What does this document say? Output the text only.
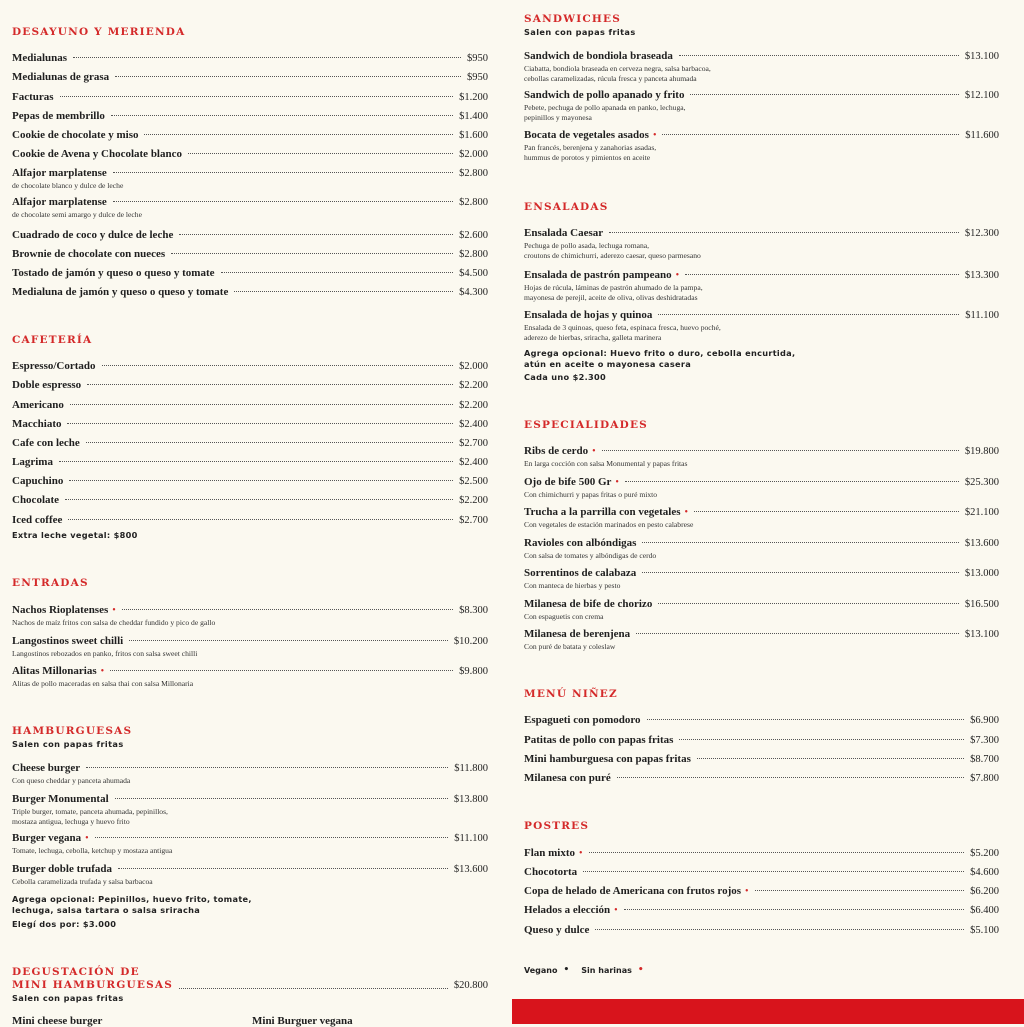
DESAYUNO Y MERIENDA
Medialunas	$950
Medialunas de grasa	$950
Facturas	$1.200
Pepas de membrillo	$1.400
Cookie de chocolate y miso	$1.600
Cookie de Avena y Chocolate blanco	$2.000
Alfajor marplatense	$2.800
de chocolate blanco y dulce de leche
Alfajor marplatense	$2.800
de chocolate semi amargo y dulce de leche
Cuadrado de coco y dulce de leche	$2.600
Brownie de chocolate con nueces	$2.800
Tostado de jamón y queso o queso y tomate	$4.500
Medialuna de jamón y queso o queso y tomate	$4.300
CAFETERÍA
Espresso/Cortado	$2.000
Doble espresso	$2.200
Americano	$2.200
Macchiato	$2.400
Cafe con leche	$2.700
Lagrima	$2.400
Capuchino	$2.500
Chocolate	$2.200
Iced coffee	$2.700
Extra leche vegetal: $800
ENTRADAS
Nachos Rioplatenses •	$8.300
Nachos de maíz fritos con salsa de cheddar fundido y pico de gallo
Langostinos sweet chilli	$10.200
Langostinos rebozados en panko, fritos con salsa sweet chilli
Alitas Millonarias •	$9.800
Alitas de pollo maceradas en salsa thai con salsa Millonaria
HAMBURGUESAS
Salen con papas fritas
Cheese burger	$11.800
Con queso cheddar y panceta ahumada
Burger Monumental	$13.800
Triple burger, tomate, panceta ahumada, pepinillos,
mostaza antigua, lechuga y huevo frito
Burger vegana •	$11.100
Tomate, lechuga, cebolla, ketchup y mostaza antigua
Burger doble trufada	$13.600
Cebolla caramelizada trufada y salsa barbacoa
Agrega opcional: Pepinillos, huevo frito, tomate,
lechuga, salsa tartara o salsa sriracha
Elegí dos por: $3.000
DEGUSTACIÓN DE
MINI HAMBURGUESAS	$20.800
Salen con papas fritas
Mini cheese burger	Mini Burguer vegana
SANDWICHES
Salen con papas fritas
Sandwich de bondiola braseada	$13.100
Ciabatta, bondiola braseada en cerveza negra, salsa barbacoa,
cebollas caramelizadas, rúcula fresca y panceta ahumada
Sandwich de pollo apanado y frito	$12.100
Pebete, pechuga de pollo apanada en panko, lechuga,
pepinillos y mayonesa
Bocata de vegetales asados •	$11.600
Pan francés, berenjena y zanahorias asadas,
hummus de porotos y pimientos en aceite
ENSALADAS
Ensalada Caesar	$12.300
Pechuga de pollo asada, lechuga romana,
croutons de chimichurri, aderezo caesar, queso parmesano
Ensalada de pastrón pampeano •	$13.300
Hojas de rúcula, láminas de pastrón ahumado de la pampa,
mayonesa de perejil, aceite de oliva, olivas deshidratadas
Ensalada de hojas y quinoa	$11.100
Ensalada de 3 quinoas, queso feta, espinaca fresca, huevo poché,
aderezo de hierbas, sriracha, galleta marinera
Agrega opcional: Huevo frito o duro, cebolla encurtida,
atún en aceite o mayonesa casera
Cada uno $2.300
ESPECIALIDADES
Ribs de cerdo •	$19.800
En larga cocción con salsa Monumental y papas fritas
Ojo de bife 500 Gr •	$25.300
Con chimichurri y papas fritas o puré mixto
Trucha a la parrilla con vegetales •	$21.100
Con vegetales de estación marinados en pesto calabrese
Ravioles con albóndigas	$13.600
Con salsa de tomates y albóndigas de cerdo
Sorrentinos de calabaza	$13.000
Con manteca de hierbas y pesto
Milanesa de bife de chorizo	$16.500
Con espaguetis con crema
Milanesa de berenjena	$13.100
Con puré de batata y coleslaw
MENÚ NIÑEZ
Espagueti con pomodoro	$6.900
Patitas de pollo con papas fritas	$7.300
Mini hamburguesa con papas fritas	$8.700
Milanesa con puré	$7.800
POSTRES
Flan mixto •	$5.200
Chocotorta	$4.600
Copa de helado de Americana con frutos rojos •	$6.200
Helados a elección •	$6.400
Queso y dulce	$5.100
Vegano • Sin harinas •
